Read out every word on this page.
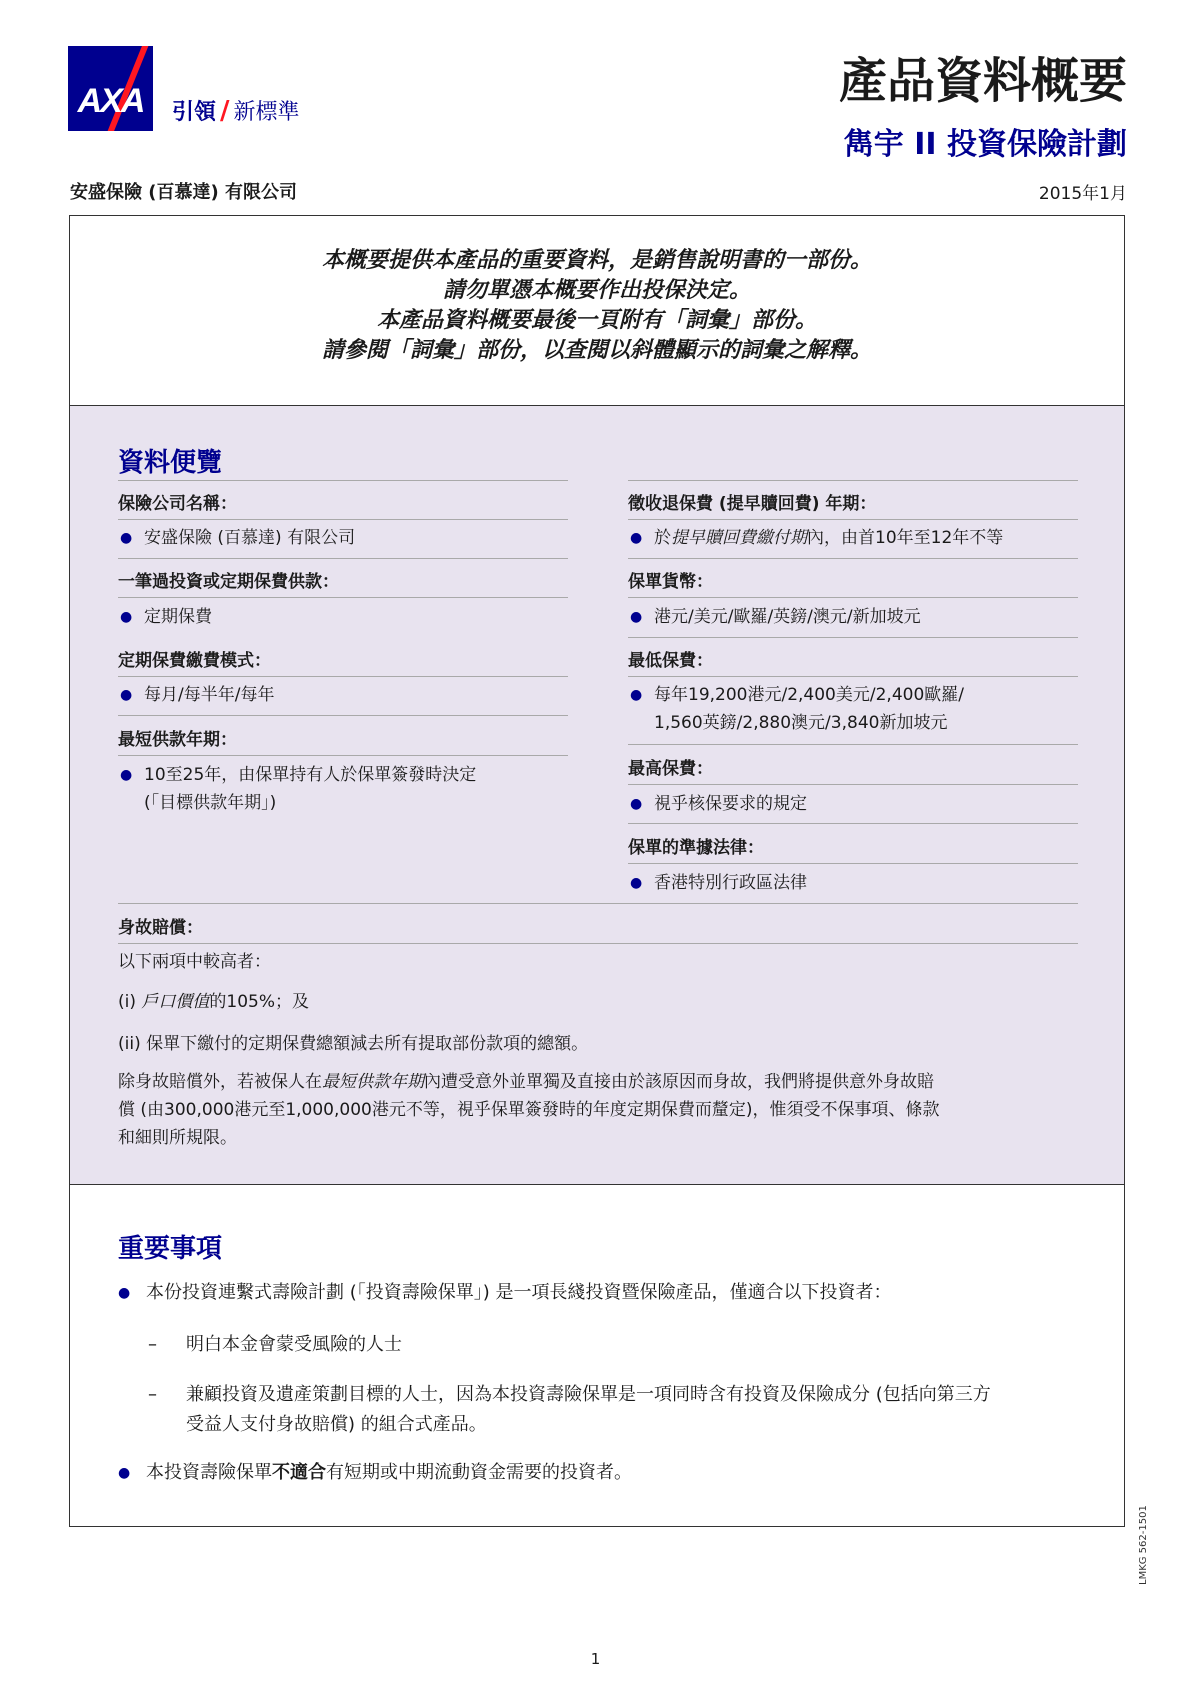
AXA	引領 / 新標準
產品資料概要
雋宇 II 投資保險計劃
安盛保險 (百慕達) 有限公司	2015年1月
本概要提供本產品的重要資料，是銷售說明書的一部份。
請勿單憑本概要作出投保決定。
本產品資料概要最後一頁附有「詞彙」部份。
請參閱「詞彙」部份，以查閱以斜體顯示的詞彙之解釋。
資料便覽
保險公司名稱：
● 安盛保險 (百慕達) 有限公司
一筆過投資或定期保費供款：
● 定期保費
定期保費繳費模式：
● 每月/每半年/每年
最短供款年期：
● 10至25年，由保單持有人於保單簽發時決定
(「目標供款年期」)
徵收退保費 (提早贖回費) 年期：
● 於提早贖回費繳付期內，由首10年至12年不等
保單貨幣：
● 港元/美元/歐羅/英鎊/澳元/新加坡元
最低保費：
● 每年19,200港元/2,400美元/2,400歐羅/
1,560英鎊/2,880澳元/3,840新加坡元
最高保費：
● 視乎核保要求的規定
保單的準據法律：
● 香港特別行政區法律
身故賠償：
以下兩項中較高者：
(i) 戶口價值的105%；及
(ii) 保單下繳付的定期保費總額減去所有提取部份款項的總額。
除身故賠償外，若被保人在最短供款年期內遭受意外並單獨及直接由於該原因而身故，我們將提供意外身故賠
償 (由300,000港元至1,000,000港元不等，視乎保單簽發時的年度定期保費而釐定)，惟須受不保事項、條款
和細則所規限。
重要事項
● 本份投資連繫式壽險計劃 (「投資壽險保單」) 是一項長綫投資暨保險產品，僅適合以下投資者：
–	明白本金會蒙受風險的人士
–	兼顧投資及遺產策劃目標的人士，因為本投資壽險保單是一項同時含有投資及保險成分 (包括向第三方
受益人支付身故賠償) 的組合式產品。
● 本投資壽險保單不適合有短期或中期流動資金需要的投資者。
LMKG 562-1501
1
